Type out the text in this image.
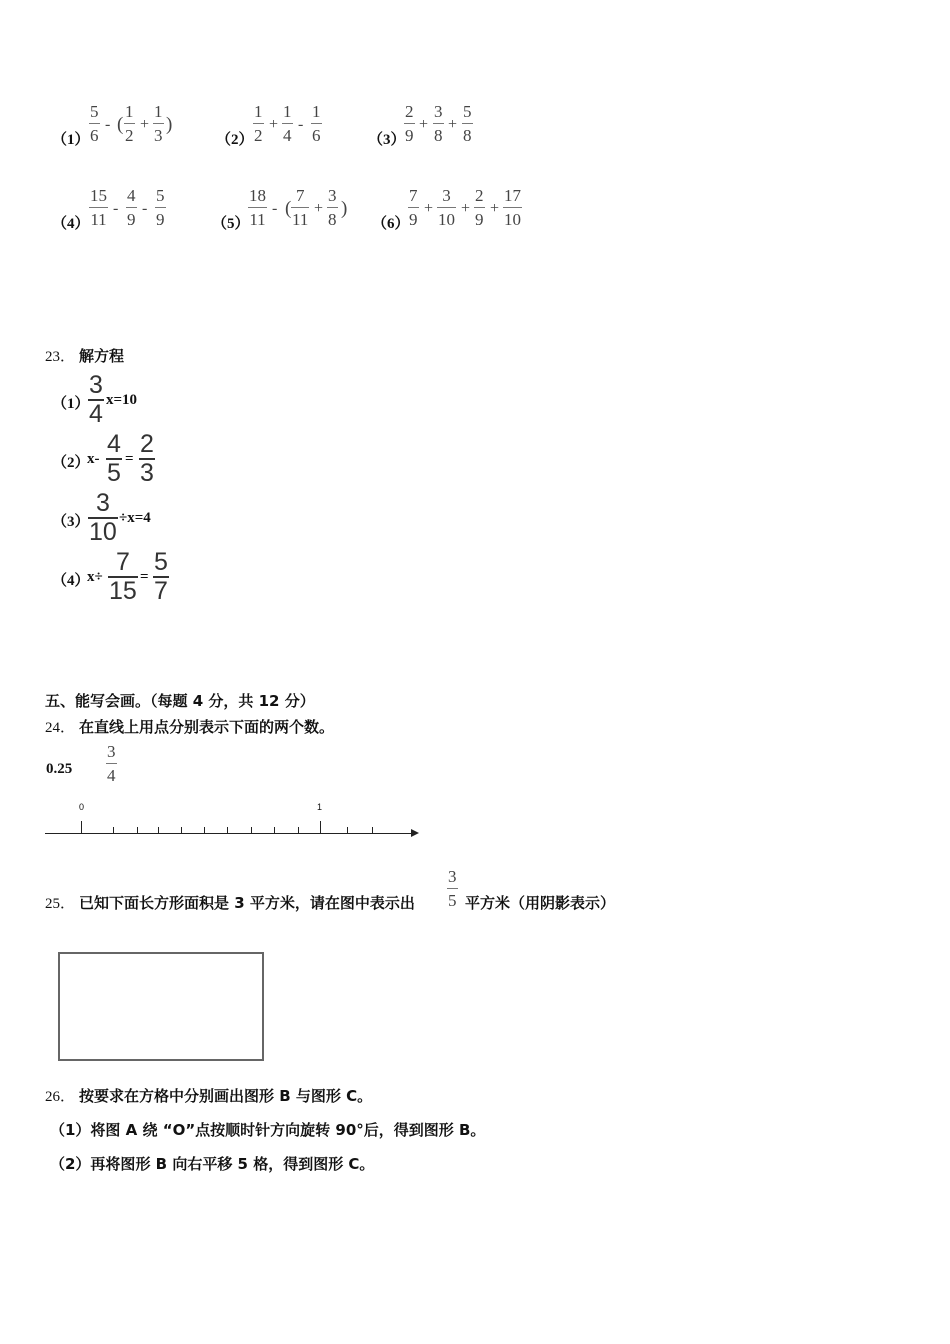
（1）
5
6
- (
1
2
+
1
3
)
（2）
1
2
+
1
4
-
1
6	（3）
2
9
+
3
8
+
5
8
（4）
15
11
-
4
9
-
5
9	（5）
18
11
- (
7
11
+
3
8
)
（6）
7
9
+
3
10
+
2
9
+
17
10
23． 解方程
（1）
3
4 x=10
（2）
x-
4
5 =
2
3
（3）
3
10 ÷x=4
（4）
x÷
7
15 =
5
7
五、能写会画。（每题 4 分，共 12 分）
24． 在直线上用点分别表示下面的两个数。
0.25
3
4
0	1
25． 已知下面长方形面积是 3 平方米，请在图中表示出
3
5 平方米（用阴影表示）
26． 按要求在方格中分别画出图形 B 与图形 C。
（1）将图 A 绕 “O”点按顺时针方向旋转 90°后，得到图形 B。
（2）再将图形 B 向右平移 5 格，得到图形 C。
